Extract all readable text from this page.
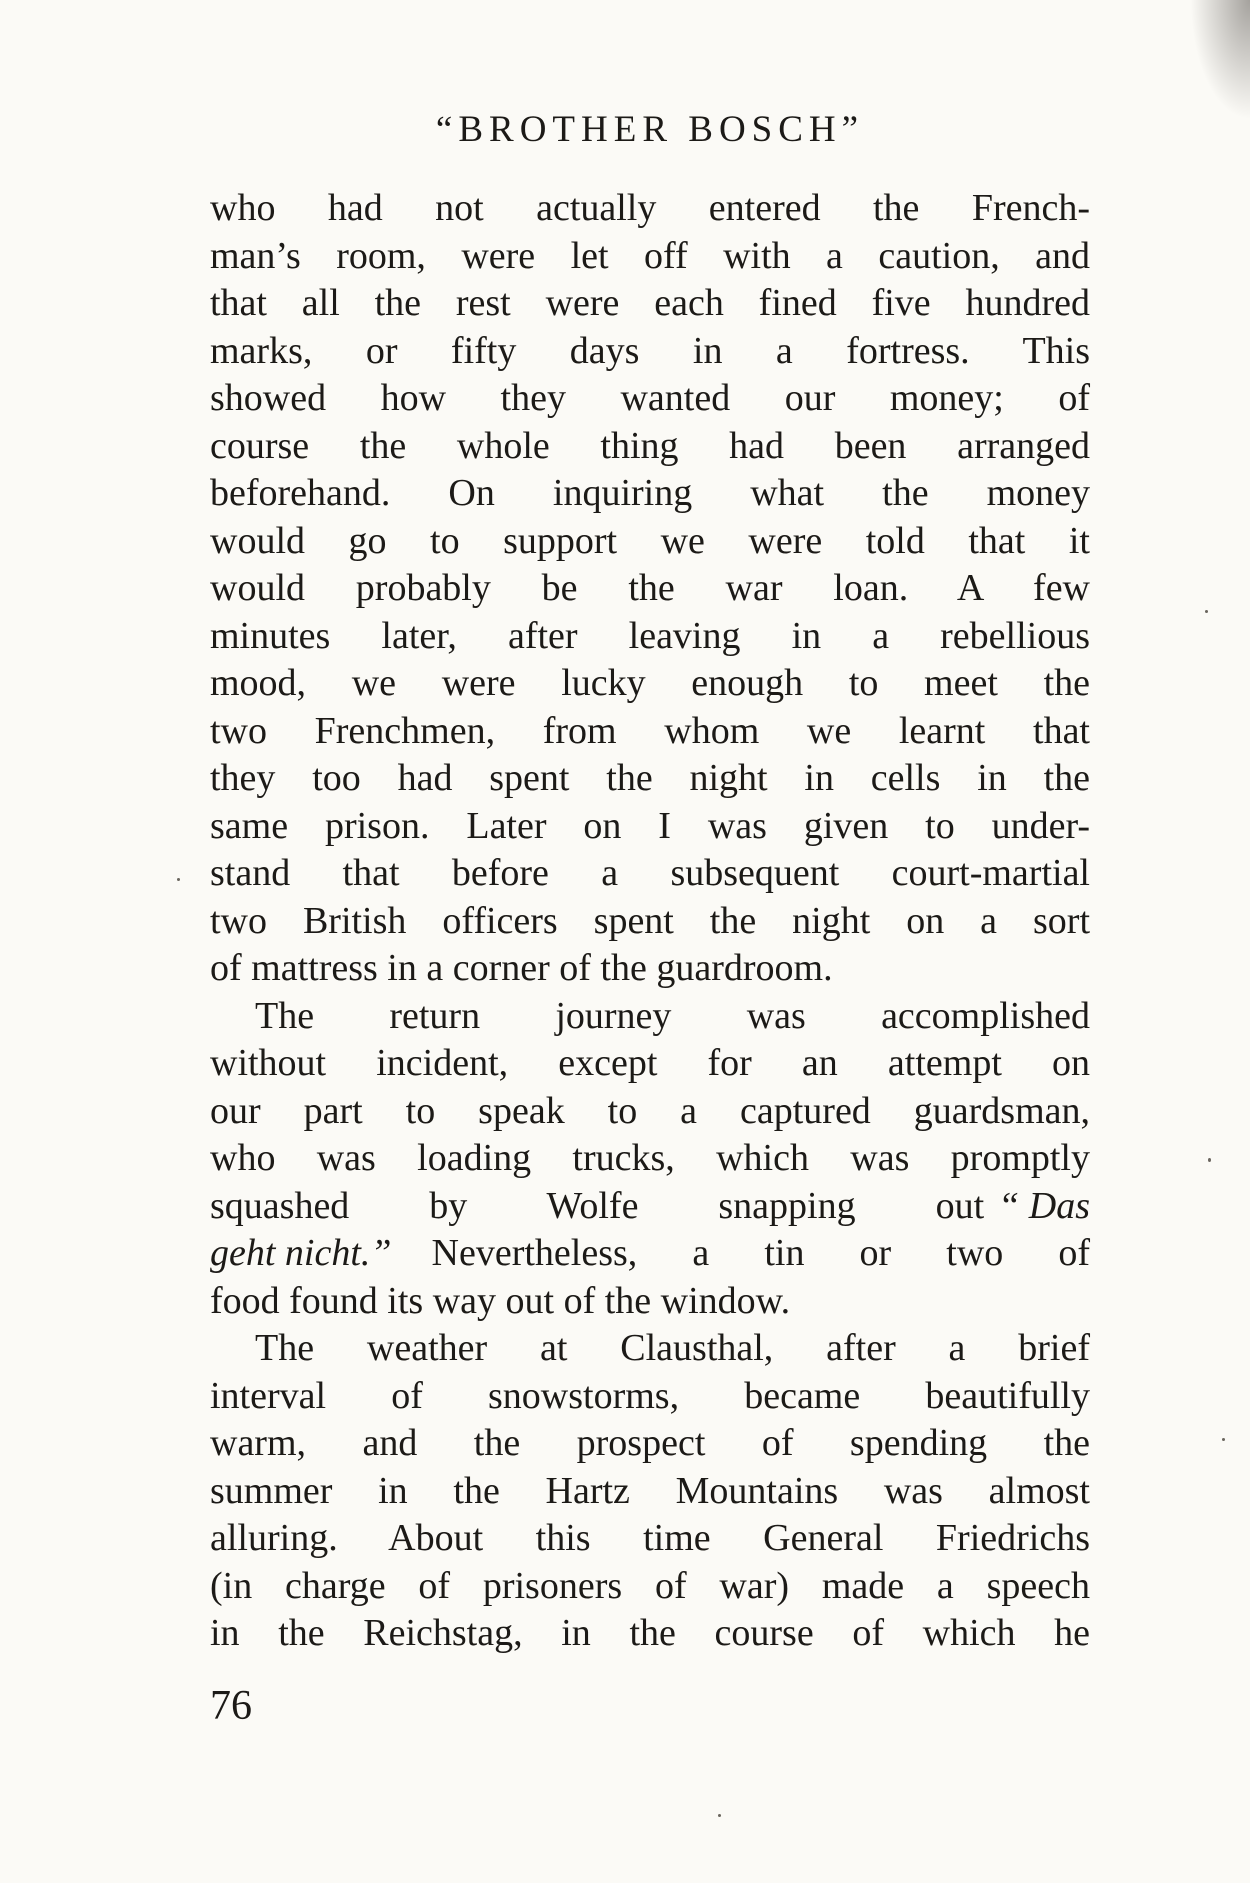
“BROTHER BOSCH”
who had not actually entered the French-
man’s room, were let off with a caution, and
that all the rest were each fined five hundred
marks, or fifty days in a fortress. This
showed how they wanted our money; of
course the whole thing had been arranged
beforehand. On inquiring what the money
would go to support we were told that it
would probably be the war loan. A few
minutes later, after leaving in a rebellious
mood, we were lucky enough to meet the
two Frenchmen, from whom we learnt that
they too had spent the night in cells in the
same prison. Later on I was given to under-
stand that before a subsequent court-martial
two British officers spent the night on a sort
of mattress in a corner of the guardroom.
The return journey was accomplished
without incident, except for an attempt on
our part to speak to a captured guardsman,
who was loading trucks, which was promptly
squashed by Wolfe snapping out “ Das
geht nicht.” Nevertheless, a tin or two of
food found its way out of the window.
The weather at Clausthal, after a brief
interval of snowstorms, became beautifully
warm, and the prospect of spending the
summer in the Hartz Mountains was almost
alluring. About this time General Friedrichs
(in charge of prisoners of war) made a speech
in the Reichstag, in the course of which he
76
